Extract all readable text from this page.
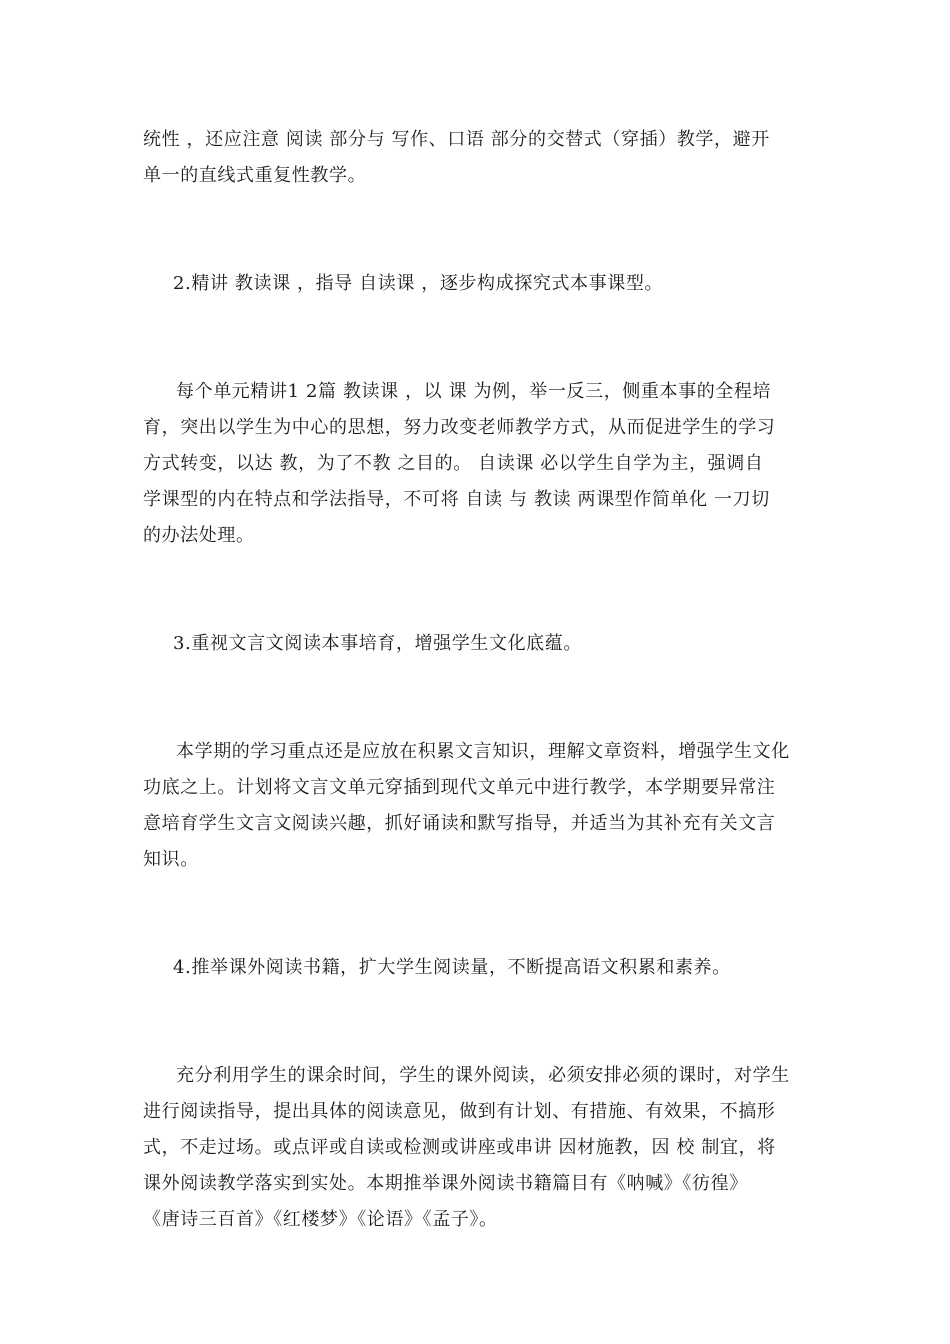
统性 ，还应注意 阅读 部分与 写作、口语 部分的交替式（穿插）教学，避开
单一的直线式重复性教学。

2.精讲 教读课 ，指导 自读课 ，逐步构成探究式本事课型。

每个单元精讲1 2篇 教读课 ，以 课 为例，举一反三，侧重本事的全程培
育，突出以学生为中心的思想，努力改变老师教学方式，从而促进学生的学习
方式转变，以达 教，为了不教 之目的。 自读课 必以学生自学为主，强调自
学课型的内在特点和学法指导，不可将 自读 与 教读 两课型作简单化 一刀切
的办法处理。

3.重视文言文阅读本事培育，增强学生文化底蕴。

本学期的学习重点还是应放在积累文言知识，理解文章资料，增强学生文化
功底之上。计划将文言文单元穿插到现代文单元中进行教学，本学期要异常注
意培育学生文言文阅读兴趣，抓好诵读和默写指导，并适当为其补充有关文言
知识。

4.推举课外阅读书籍，扩大学生阅读量，不断提高语文积累和素养。

充分利用学生的课余时间，学生的课外阅读，必须安排必须的课时，对学生
进行阅读指导，提出具体的阅读意见，做到有计划、有措施、有效果，不搞形
式，不走过场。或点评或自读或检测或讲座或串讲 因材施教，因 校 制宜，将
课外阅读教学落实到实处。本期推举课外阅读书籍篇目有《呐喊》《彷徨》
《唐诗三百首》《红楼梦》《论语》《孟子》。
